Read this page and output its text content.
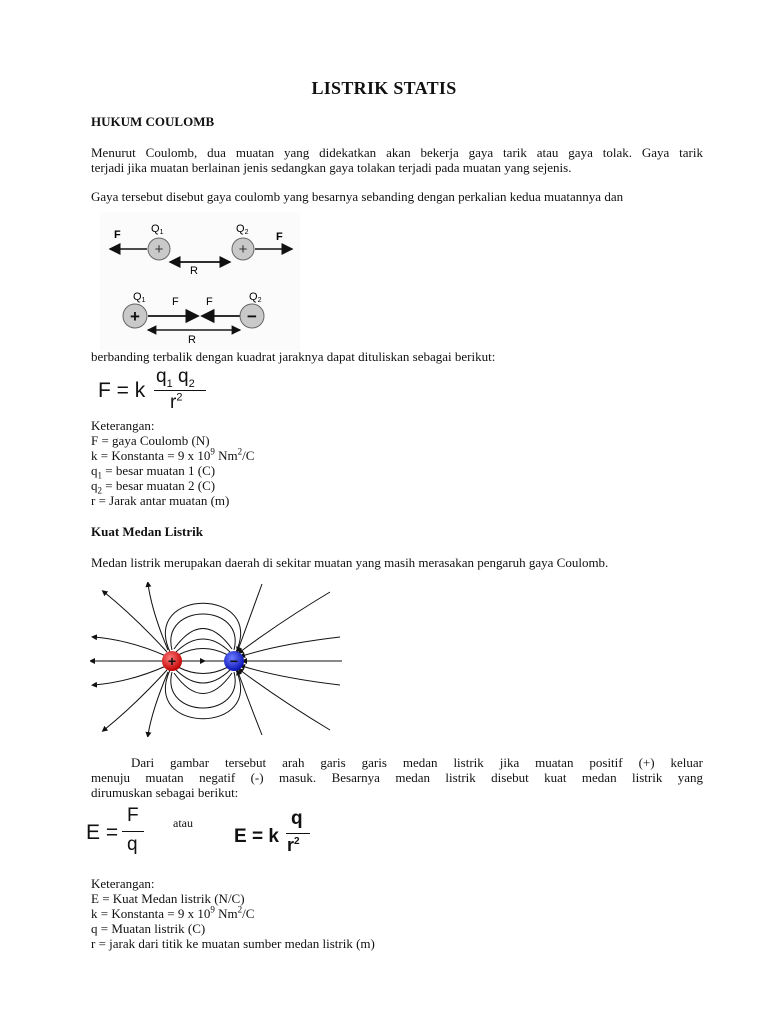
LISTRIK STATIS
HUKUM COULOMB
Menurut Coulomb, dua muatan yang didekatkan akan bekerja gaya tarik atau gaya tolak. Gaya tarik
terjadi jika muatan berlainan jenis sedangkan gaya tolakan terjadi pada muatan yang sejenis.
Gaya tersebut disebut gaya coulomb yang besarnya sebanding dengan perkalian kedua muatannya dan
F	Q1
+	+
Q2	F
R
Q1
+
F F
−
Q2
R
berbanding terbalik dengan kuadrat jaraknya dapat dituliskan sebagai berikut:
F = k
$q_1$ $q_2$
$r^2$
Keterangan:
F = gaya Coulomb (N)
k = Konstanta = 9 x $10^9$ Nm$^2$/C
$q_1$ = besar muatan 1 (C)
$q_2$ = besar muatan 2 (C)
r = Jarak antar muatan (m)
Kuat Medan Listrik
Medan listrik merupakan daerah di sekitar muatan yang masih merasakan pengaruh gaya Coulomb.
+	−
Dari gambar tersebut arah garis garis medan listrik jika muatan positif (+) keluar
menuju muatan negatif (-) masuk. Besarnya medan listrik disebut kuat medan listrik yang
dirumuskan sebagai berikut:
E =
F
q
atau
E = k
q
$r^2$
Keterangan:
E = Kuat Medan listrik (N/C)
k = Konstanta = 9 x $10^9$ Nm$^2$/C
q = Muatan listrik (C)
r = jarak dari titik ke muatan sumber medan listrik (m)
